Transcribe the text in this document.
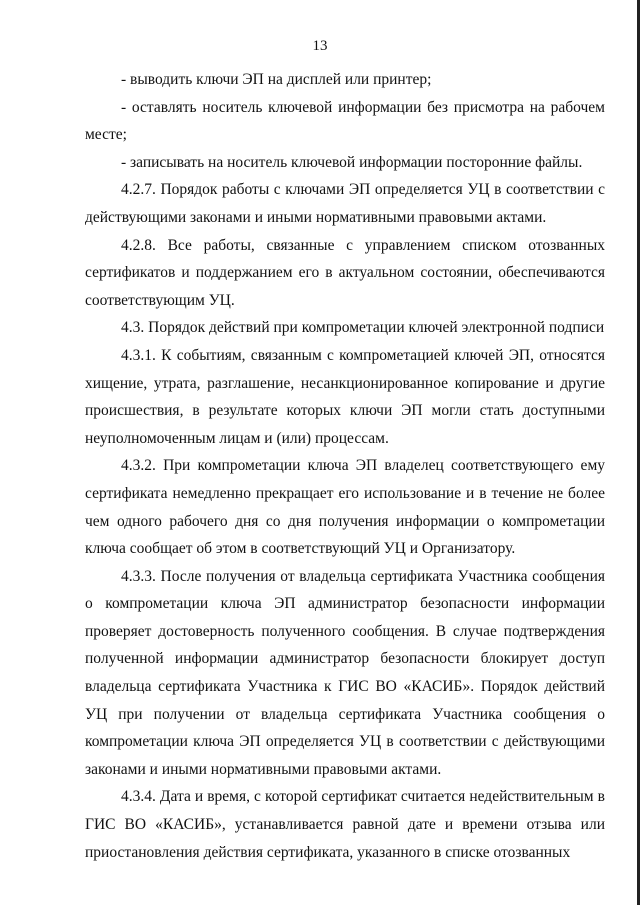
13

- выводить ключи ЭП на дисплей или принтер;

- оставлять носитель ключевой информации без присмотра на рабочем месте;

- записывать на носитель ключевой информации посторонние файлы.

4.2.7. Порядок работы с ключами ЭП определяется УЦ в соответствии с действующими законами и иными нормативными правовыми актами.

4.2.8. Все работы, связанные с управлением списком отозванных сертификатов и поддержанием его в актуальном состоянии, обеспечиваются соответствующим УЦ.

4.3. Порядок действий при компрометации ключей электронной подписи

4.3.1. К событиям, связанным с компрометацией ключей ЭП, относятся хищение, утрата, разглашение, несанкционированное копирование и другие происшествия, в результате которых ключи ЭП могли стать доступными неуполномоченным лицам и (или) процессам.

4.3.2. При компрометации ключа ЭП владелец соответствующего ему сертификата немедленно прекращает его использование и в течение не более чем одного рабочего дня со дня получения информации о компрометации ключа сообщает об этом в соответствующий УЦ и Организатору.

4.3.3. После получения от владельца сертификата Участника сообщения о компрометации ключа ЭП администратор безопасности информации проверяет достоверность полученного сообщения. В случае подтверждения полученной информации администратор безопасности блокирует доступ владельца сертификата Участника к ГИС ВО «КАСИБ». Порядок действий УЦ при получении от владельца сертификата Участника сообщения о компрометации ключа ЭП определяется УЦ в соответствии с действующими законами и иными нормативными правовыми актами.

4.3.4. Дата и время, с которой сертификат считается недействительным в ГИС ВО «КАСИБ», устанавливается равной дате и времени отзыва или приостановления действия сертификата, указанного в списке отозванных
